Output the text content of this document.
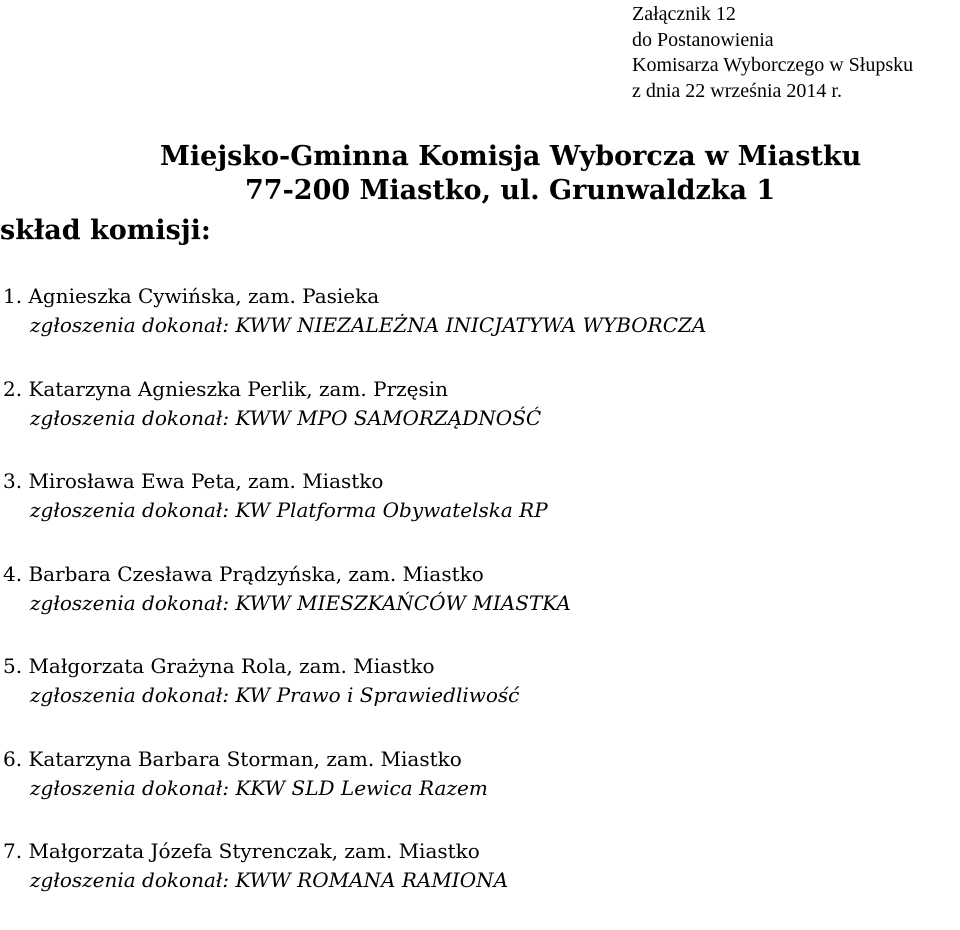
Załącznik 12
do Postanowienia
Komisarza Wyborczego w Słupsku
z dnia 22 września 2014 r.
Miejsko-Gminna Komisja Wyborcza w Miastku
77-200 Miastko, ul. Grunwaldzka 1
skład komisji:
1. Agnieszka Cywińska, zam. Pasieka
zgłoszenia dokonał: KWW NIEZALEŻNA INICJATYWA WYBORCZA
2. Katarzyna Agnieszka Perlik, zam. Przęsin
zgłoszenia dokonał: KWW MPO SAMORZĄDNOŚĆ
3. Mirosława Ewa Peta, zam. Miastko
zgłoszenia dokonał: KW Platforma Obywatelska RP
4. Barbara Czesława Prądzyńska, zam. Miastko
zgłoszenia dokonał: KWW MIESZKAŃCÓW MIASTKA
5. Małgorzata Grażyna Rola, zam. Miastko
zgłoszenia dokonał: KW Prawo i Sprawiedliwość
6. Katarzyna Barbara Storman, zam. Miastko
zgłoszenia dokonał: KKW SLD Lewica Razem
7. Małgorzata Józefa Styrenczak, zam. Miastko
zgłoszenia dokonał: KWW ROMANA RAMIONA
